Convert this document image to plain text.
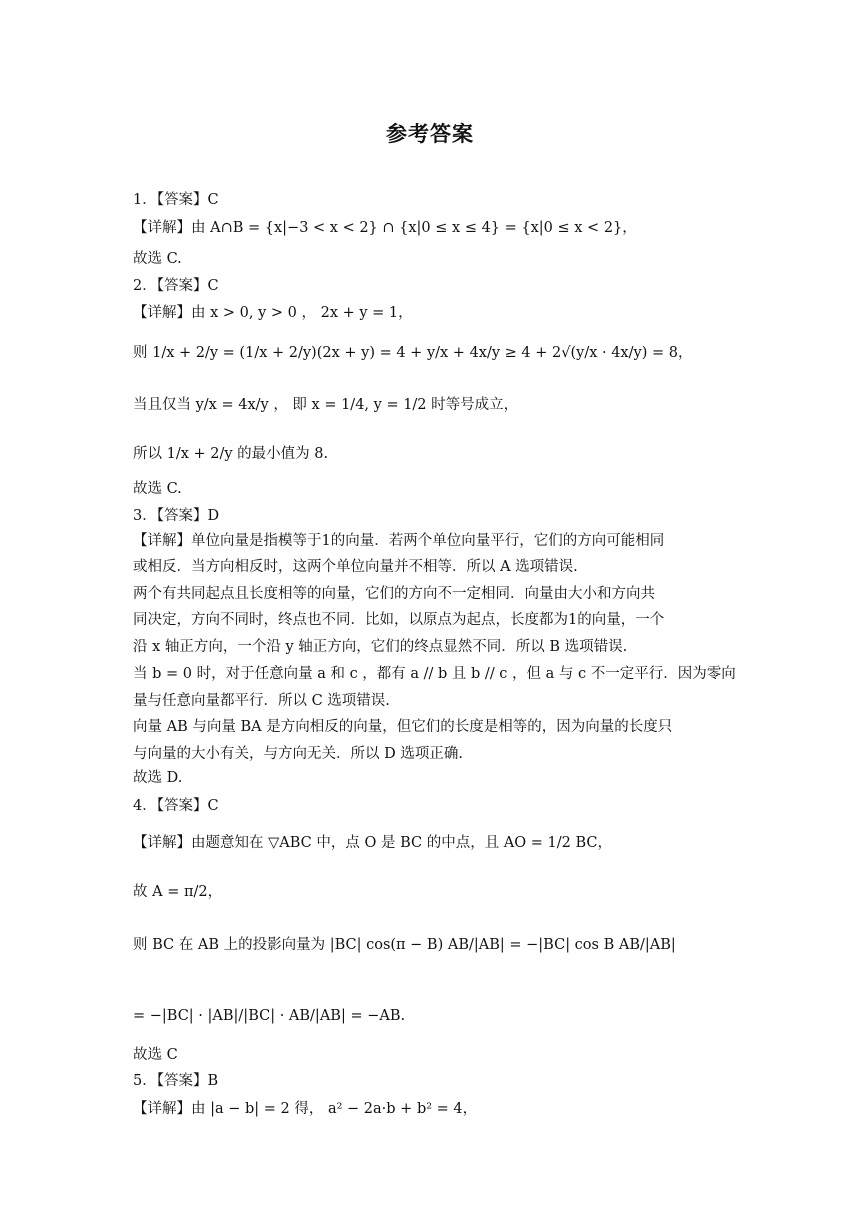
参考答案
1．【答案】C
【详解】由 A∩B = {x|−3 < x < 2} ∩ {x|0 ≤ x ≤ 4} = {x|0 ≤ x < 2}，
故选 C.
2．【答案】C
【详解】由 x > 0, y > 0 ， 2x + y = 1，
则 1/x + 2/y = (1/x + 2/y)(2x + y) = 4 + y/x + 4x/y ≥ 4 + 2√(y/x · 4x/y) = 8，
当且仅当 y/x = 4x/y ， 即 x = 1/4, y = 1/2 时等号成立，
所以 1/x + 2/y 的最小值为 8.
故选 C.
3．【答案】D
【详解】单位向量是指模等于1的向量．若两个单位向量平行，它们的方向可能相同
或相反．当方向相反时，这两个单位向量并不相等．所以 A 选项错误.
两个有共同起点且长度相等的向量，它们的方向不一定相同．向量由大小和方向共
同决定，方向不同时，终点也不同．比如，以原点为起点，长度都为1的向量，一个
沿 x 轴正方向，一个沿 y 轴正方向，它们的终点显然不同．所以 B 选项错误.
当 b = 0 时，对于任意向量 a 和 c ，都有 a // b 且 b // c ，但 a 与 c 不一定平行．因为零向
量与任意向量都平行．所以 C 选项错误.
向量 AB 与向量 BA 是方向相反的向量，但它们的长度是相等的，因为向量的长度只
与向量的大小有关，与方向无关．所以 D 选项正确.
故选 D.
4．【答案】C
【详解】由题意知在 ▽ABC 中，点 O 是 BC 的中点，且 AO = 1/2 BC，
故 A = π/2，
则 BC 在 AB 上的投影向量为 |BC| cos(π − B) AB/|AB| = −|BC| cos B AB/|AB|
= −|BC| · |AB|/|BC| · AB/|AB| = −AB.
故选 C
5．【答案】B
【详解】由 |a − b| = 2 得， a² − 2a·b + b² = 4，
